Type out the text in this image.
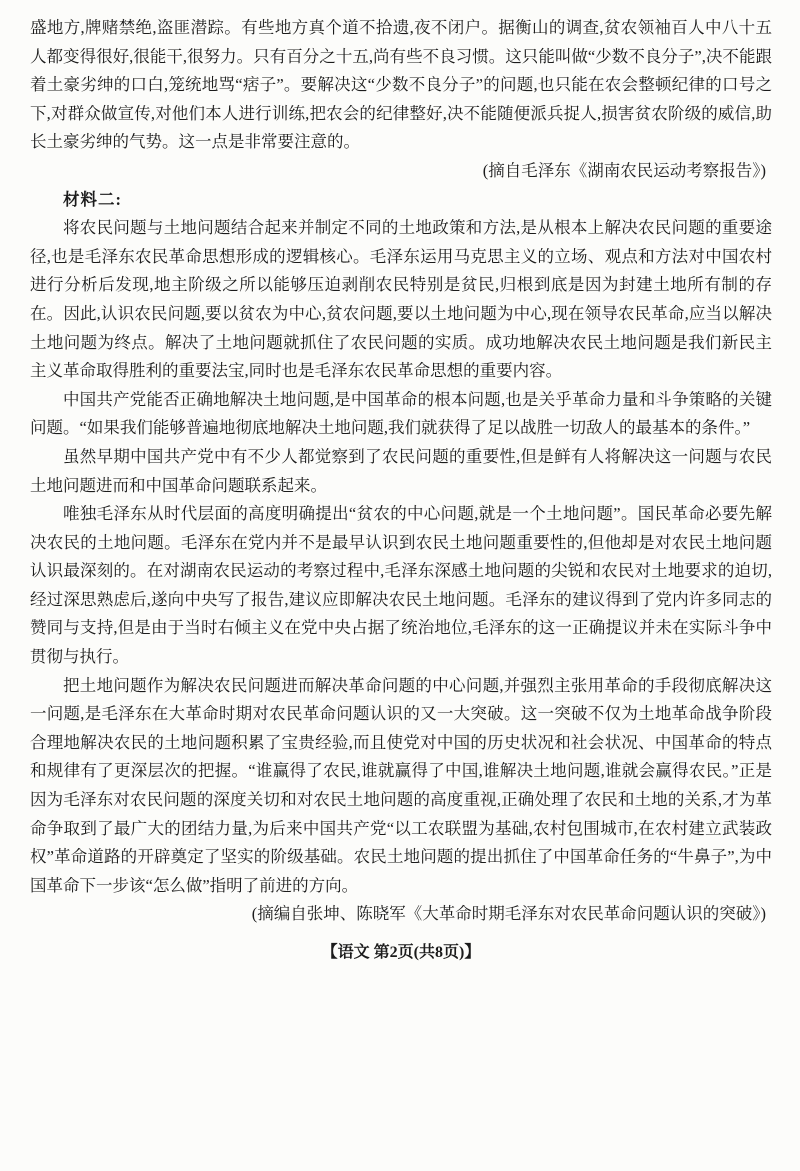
盛地方,牌赌禁绝,盗匪潜踪。有些地方真个道不拾遗,夜不闭户。据衡山的调查,贫农领袖百人中八十五人都变得很好,很能干,很努力。只有百分之十五,尚有些不良习惯。这只能叫做“少数不良分子”,决不能跟着土豪劣绅的口白,笼统地骂“痞子”。要解决这“少数不良分子”的问题,也只能在农会整顿纪律的口号之下,对群众做宣传,对他们本人进行训练,把农会的纪律整好,决不能随便派兵捉人,损害贫农阶级的威信,助长土豪劣绅的气势。这一点是非常要注意的。

(摘自毛泽东《湖南农民运动考察报告》)

材料二:

将农民问题与土地问题结合起来并制定不同的土地政策和方法,是从根本上解决农民问题的重要途径,也是毛泽东农民革命思想形成的逻辑核心。毛泽东运用马克思主义的立场、观点和方法对中国农村进行分析后发现,地主阶级之所以能够压迫剥削农民特别是贫民,归根到底是因为封建土地所有制的存在。因此,认识农民问题,要以贫农为中心,贫农问题,要以土地问题为中心,现在领导农民革命,应当以解决土地问题为终点。解决了土地问题就抓住了农民问题的实质。成功地解决农民土地问题是我们新民主主义革命取得胜利的重要法宝,同时也是毛泽东农民革命思想的重要内容。

中国共产党能否正确地解决土地问题,是中国革命的根本问题,也是关乎革命力量和斗争策略的关键问题。“如果我们能够普遍地彻底地解决土地问题,我们就获得了足以战胜一切敌人的最基本的条件。”

虽然早期中国共产党中有不少人都觉察到了农民问题的重要性,但是鲜有人将解决这一问题与农民土地问题进而和中国革命问题联系起来。

唯独毛泽东从时代层面的高度明确提出“贫农的中心问题,就是一个土地问题”。国民革命必要先解决农民的土地问题。毛泽东在党内并不是最早认识到农民土地问题重要性的,但他却是对农民土地问题认识最深刻的。在对湖南农民运动的考察过程中,毛泽东深感土地问题的尖锐和农民对土地要求的迫切,经过深思熟虑后,遂向中央写了报告,建议应即解决农民土地问题。毛泽东的建议得到了党内许多同志的赞同与支持,但是由于当时右倾主义在党中央占据了统治地位,毛泽东的这一正确提议并未在实际斗争中贯彻与执行。

把土地问题作为解决农民问题进而解决革命问题的中心问题,并强烈主张用革命的手段彻底解决这一问题,是毛泽东在大革命时期对农民革命问题认识的又一大突破。这一突破不仅为土地革命战争阶段合理地解决农民的土地问题积累了宝贵经验,而且使党对中国的历史状况和社会状况、中国革命的特点和规律有了更深层次的把握。“谁赢得了农民,谁就赢得了中国,谁解决土地问题,谁就会赢得农民。”正是因为毛泽东对农民问题的深度关切和对农民土地问题的高度重视,正确处理了农民和土地的关系,才为革命争取到了最广大的团结力量,为后来中国共产党“以工农联盟为基础,农村包围城市,在农村建立武装政权”革命道路的开辟奠定了坚实的阶级基础。农民土地问题的提出抓住了中国革命任务的“牛鼻子”,为中国革命下一步该“怎么做”指明了前进的方向。

(摘编自张坤、陈晓军《大革命时期毛泽东对农民革命问题认识的突破》)

【语文 第2页(共8页)】
